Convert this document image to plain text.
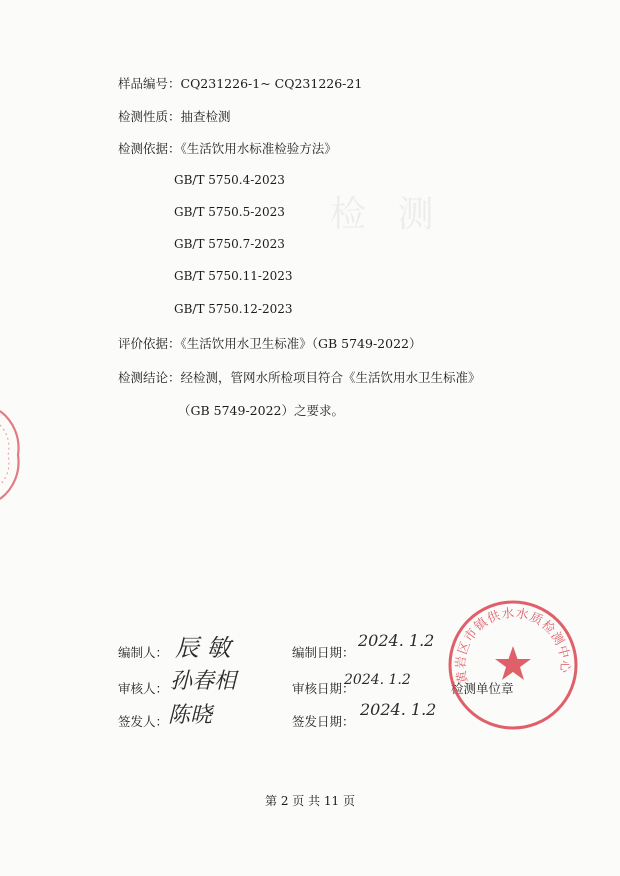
检 测
样品编号：CQ231226-1~ CQ231226-21
检测性质：抽查检测
检测依据：《生活饮用水标准检验方法》
GB/T 5750.4-2023
GB/T 5750.5-2023
GB/T 5750.7-2023
GB/T 5750.11-2023
GB/T 5750.12-2023
评价依据：《生活饮用水卫生标准》（GB 5749-2022）
检测结论：经检测，管网水所检项目符合《生活饮用水卫生标准》
（GB 5749-2022）之要求。
编制人： 辰 敏	编制日期：
2024. 1.2
审核人： 孙春相	审核日期：
2024. 1.2
检测单位章
签发人： 陈晓	签发日期：
2024. 1.2
黄岩区市镇供水水质检测中心
第 2 页 共 11 页
